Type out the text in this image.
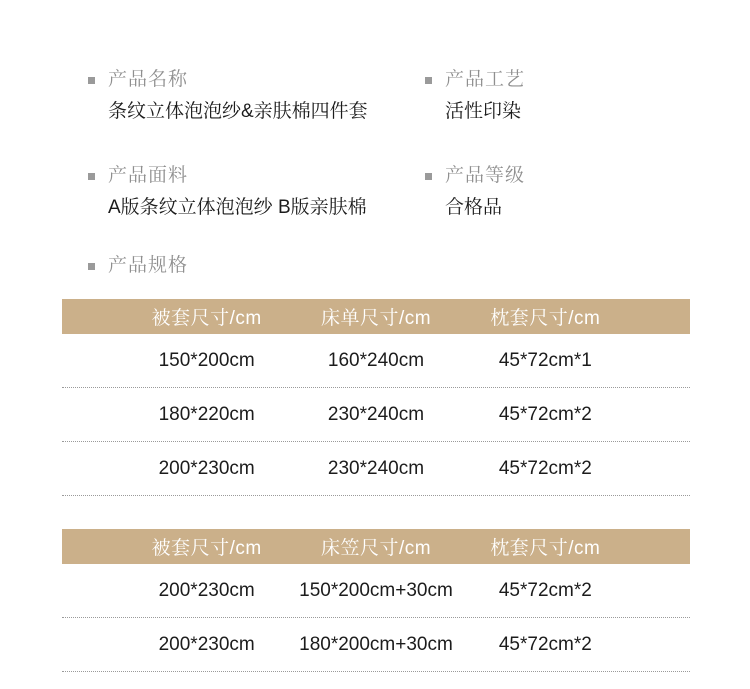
产品名称
条纹立体泡泡纱&亲肤棉四件套
产品工艺
活性印染
产品面料
A版条纹立体泡泡纱 B版亲肤棉
产品等级
合格品
产品规格
被套尺寸/cm	床单尺寸/cm	枕套尺寸/cm
150*200cm	160*240cm	45*72cm*1
180*220cm	230*240cm	45*72cm*2
200*230cm	230*240cm	45*72cm*2
被套尺寸/cm	床笠尺寸/cm	枕套尺寸/cm
200*230cm	150*200cm+30cm	45*72cm*2
200*230cm	180*200cm+30cm	45*72cm*2
